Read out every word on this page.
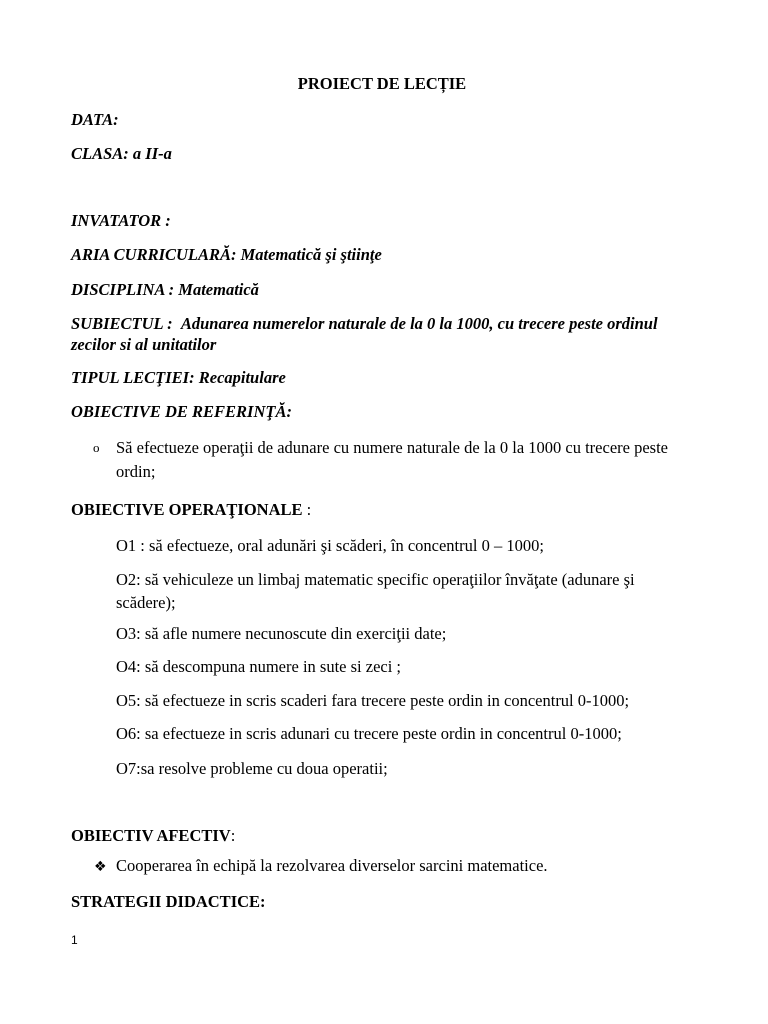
PROIECT DE LECȚIE
DATA:
CLASA: a II-a
INVATATOR :
ARIA CURRICULARĂ: Matematică şi ştiinţe
DISCIPLINA : Matematică
SUBIECTUL : Adunarea numerelor naturale de la 0 la 1000, cu trecere peste ordinul zecilor si al unitatilor
TIPUL LECŢIEI: Recapitulare
OBIECTIVE DE REFERINŢĂ:
o Să efectueze operaţii de adunare cu numere naturale de la 0 la 1000 cu trecere peste ordin;
OBIECTIVE OPERAŢIONALE :
O1 : să efectueze, oral adunări şi scăderi, în concentrul 0 – 1000;
O2: să vehiculeze un limbaj matematic specific operaţiilor învăţate (adunare şi scădere);
O3: să afle numere necunoscute din exerciţii date;
O4: să descompuna numere in sute si zeci ;
O5: să efectueze in scris scaderi fara trecere peste ordin in concentrul 0-1000;
O6: sa efectueze in scris adunari cu trecere peste ordin in concentrul 0-1000;
O7:sa resolve probleme cu doua operatii;
OBIECTIV AFECTIV:
❖ Cooperarea în echipă la rezolvarea diverselor sarcini matematice.
STRATEGII DIDACTICE:
1
